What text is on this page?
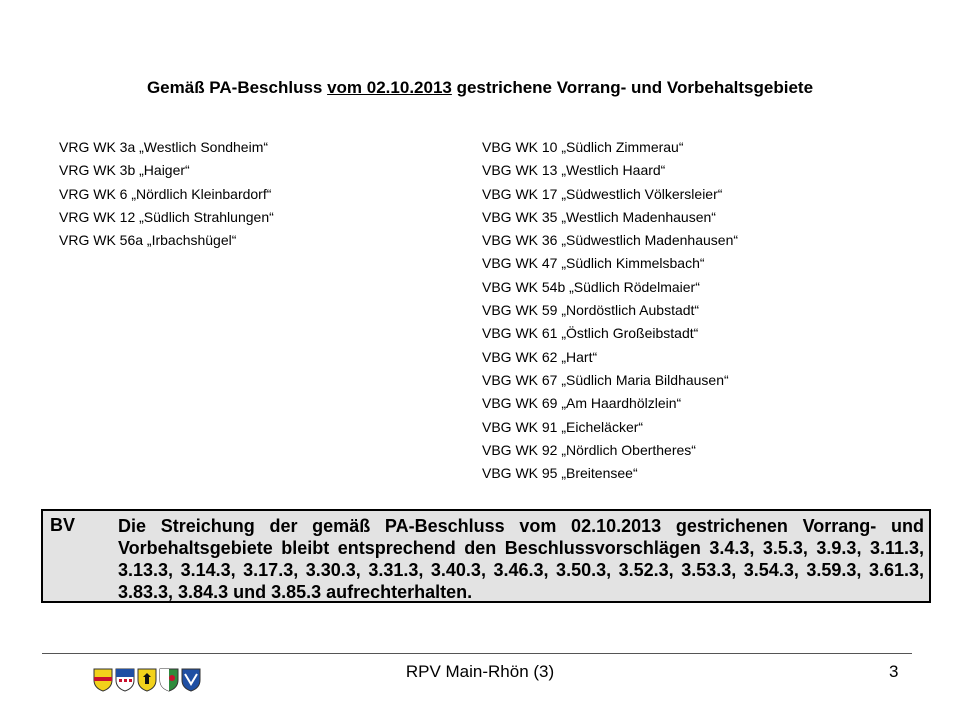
Gemäß PA-Beschluss vom 02.10.2013 gestrichene Vorrang- und Vorbehaltsgebiete
VRG WK 3a „Westlich Sondheim“
VRG WK 3b „Haiger“
VRG WK 6 „Nördlich Kleinbardorf“
VRG WK 12 „Südlich Strahlungen“
VRG WK 56a „Irbachshügel“
VBG WK 10 „Südlich Zimmerau“
VBG WK 13 „Westlich Haard“
VBG WK 17 „Südwestlich Völkersleier“
VBG WK 35 „Westlich Madenhausen“
VBG WK 36 „Südwestlich Madenhausen“
VBG WK 47 „Südlich Kimmelsbach“
VBG WK 54b „Südlich Rödelmaier“
VBG WK 59 „Nordöstlich Aubstadt“
VBG WK 61 „Östlich Großeibstadt“
VBG WK 62 „Hart“
VBG WK 67 „Südlich Maria Bildhausen“
VBG WK 69 „Am Haardhölzlein“
VBG WK 91 „Eicheläcker“
VBG WK 92 „Nördlich Obertheres“
VBG WK 95 „Breitensee“
BV Die Streichung der gemäß PA-Beschluss vom 02.10.2013 gestrichenen Vorrang- und Vorbehaltsgebiete bleibt entsprechend den Beschlussvorschlägen 3.4.3, 3.5.3, 3.9.3, 3.11.3, 3.13.3, 3.14.3, 3.17.3, 3.30.3, 3.31.3, 3.40.3, 3.46.3, 3.50.3, 3.52.3, 3.53.3, 3.54.3, 3.59.3, 3.61.3, 3.83.3, 3.84.3 und 3.85.3 aufrechterhalten.
RPV Main-Rhön (3)	3
